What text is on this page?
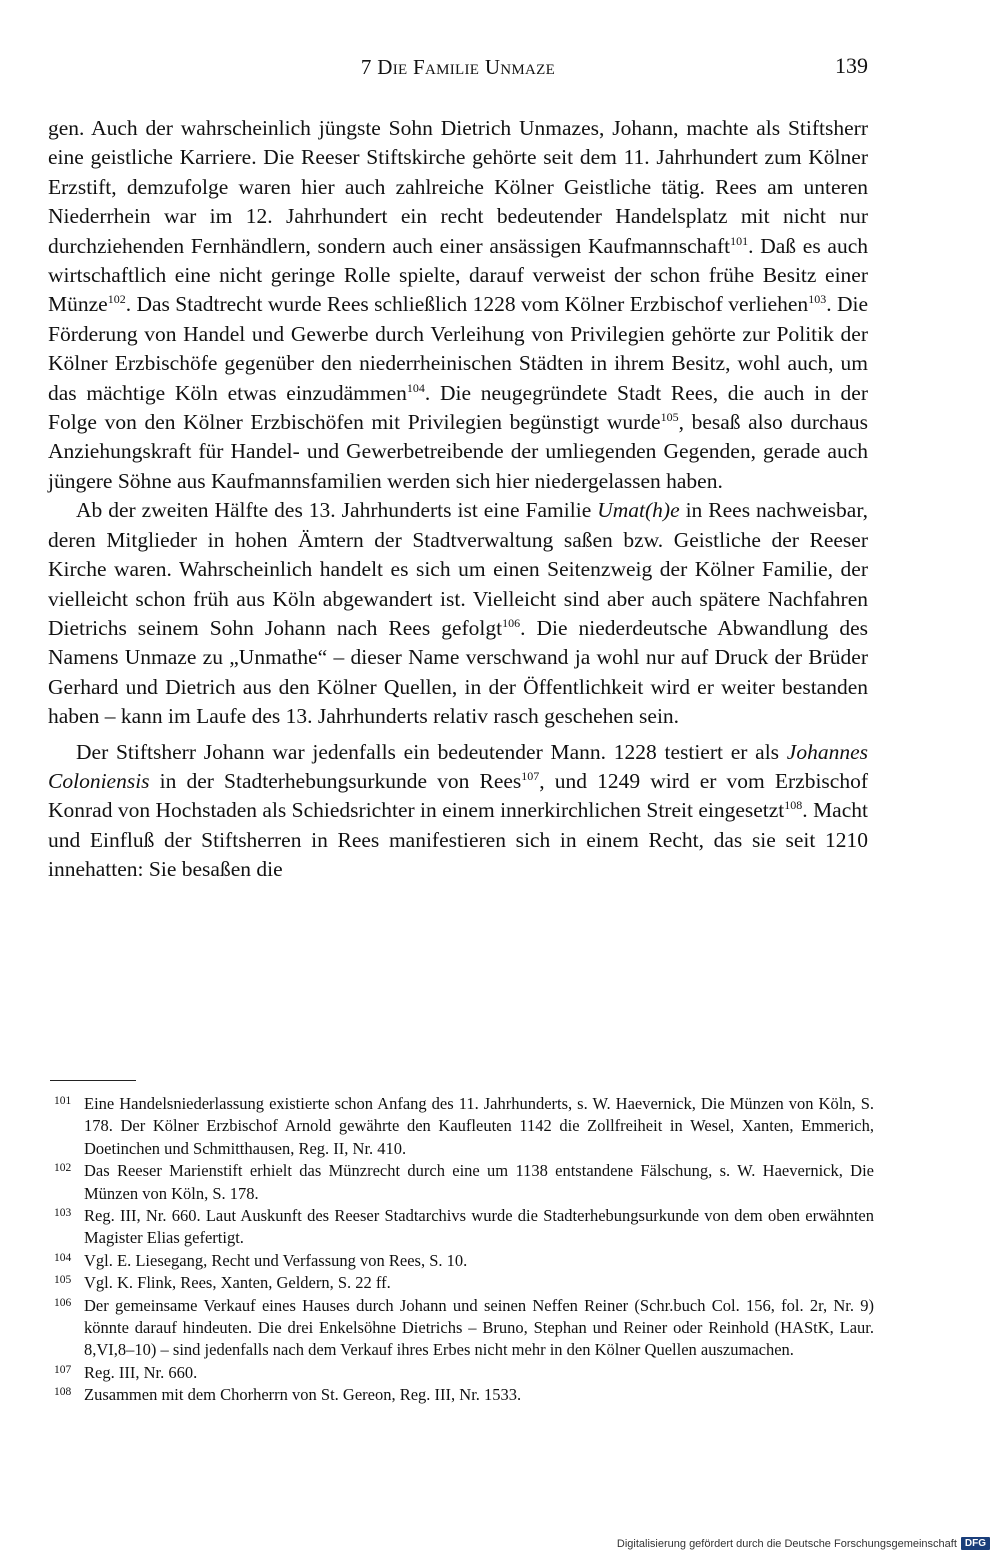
7 Die Familie Unmaze	139

gen. Auch der wahrscheinlich jüngste Sohn Dietrich Unmazes, Johann, machte als Stiftsherr eine geistliche Karriere. Die Reeser Stiftskirche gehörte seit dem 11. Jahrhundert zum Kölner Erzstift, demzufolge waren hier auch zahlreiche Kölner Geistliche tätig. Rees am unteren Niederrhein war im 12. Jahrhundert ein recht bedeutender Handelsplatz mit nicht nur durchziehenden Fernhändlern, sondern auch einer ansässigen Kaufmannschaft$^{101}$. Daß es auch wirtschaftlich eine nicht geringe Rolle spielte, darauf verweist der schon frühe Besitz einer Münze$^{102}$. Das Stadtrecht wurde Rees schließlich 1228 vom Kölner Erzbischof verliehen$^{103}$. Die Förderung von Handel und Gewerbe durch Verleihung von Privilegien gehörte zur Politik der Kölner Erzbischöfe gegenüber den niederrheinischen Städten in ihrem Besitz, wohl auch, um das mächtige Köln etwas einzudämmen$^{104}$. Die neugegründete Stadt Rees, die auch in der Folge von den Kölner Erzbischöfen mit Privilegien begünstigt wurde$^{105}$, besaß also durchaus Anziehungskraft für Handel- und Gewerbetreibende der umliegenden Gegenden, gerade auch jüngere Söhne aus Kaufmannsfamilien werden sich hier niedergelassen haben.

Ab der zweiten Hälfte des 13. Jahrhunderts ist eine Familie Umat(h)e in Rees nachweisbar, deren Mitglieder in hohen Ämtern der Stadtverwaltung saßen bzw. Geistliche der Reeser Kirche waren. Wahrscheinlich handelt es sich um einen Seitenzweig der Kölner Familie, der vielleicht schon früh aus Köln abgewandert ist. Vielleicht sind aber auch spätere Nachfahren Dietrichs seinem Sohn Johann nach Rees gefolgt$^{106}$. Die niederdeutsche Abwandlung des Namens Unmaze zu „Unmathe“ – dieser Name verschwand ja wohl nur auf Druck der Brüder Gerhard und Dietrich aus den Kölner Quellen, in der Öffentlichkeit wird er weiter bestanden haben – kann im Laufe des 13. Jahrhunderts relativ rasch geschehen sein.

Der Stiftsherr Johann war jedenfalls ein bedeutender Mann. 1228 testiert er als Johannes Coloniensis in der Stadterhebungsurkunde von Rees$^{107}$, und 1249 wird er vom Erzbischof Konrad von Hochstaden als Schiedsrichter in einem innerkirchlichen Streit eingesetzt$^{108}$. Macht und Einfluß der Stiftsherren in Rees manifestieren sich in einem Recht, das sie seit 1210 innehatten: Sie besaßen die

101 Eine Handelsniederlassung existierte schon Anfang des 11. Jahrhunderts, s. W. Haevernick, Die Münzen von Köln, S. 178. Der Kölner Erzbischof Arnold gewährte den Kaufleuten 1142 die Zollfreiheit in Wesel, Xanten, Emmerich, Doetinchen und Schmitthausen, Reg. II, Nr. 410.
102 Das Reeser Marienstift erhielt das Münzrecht durch eine um 1138 entstandene Fälschung, s. W. Haevernick, Die Münzen von Köln, S. 178.
103 Reg. III, Nr. 660. Laut Auskunft des Reeser Stadtarchivs wurde die Stadterhebungsurkunde von dem oben erwähnten Magister Elias gefertigt.
104 Vgl. E. Liesegang, Recht und Verfassung von Rees, S. 10.
105 Vgl. K. Flink, Rees, Xanten, Geldern, S. 22 ff.
106 Der gemeinsame Verkauf eines Hauses durch Johann und seinen Neffen Reiner (Schr.buch Col. 156, fol. 2r, Nr. 9) könnte darauf hindeuten. Die drei Enkelsöhne Dietrichs – Bruno, Stephan und Reiner oder Reinhold (HAStK, Laur. 8,VI,8–10) – sind jedenfalls nach dem Verkauf ihres Erbes nicht mehr in den Kölner Quellen auszumachen.
107 Reg. III, Nr. 660.
108 Zusammen mit dem Chorherrn von St. Gereon, Reg. III, Nr. 1533.
Digitalisierung gefördert durch die Deutsche Forschungsgemeinschaft DFG
